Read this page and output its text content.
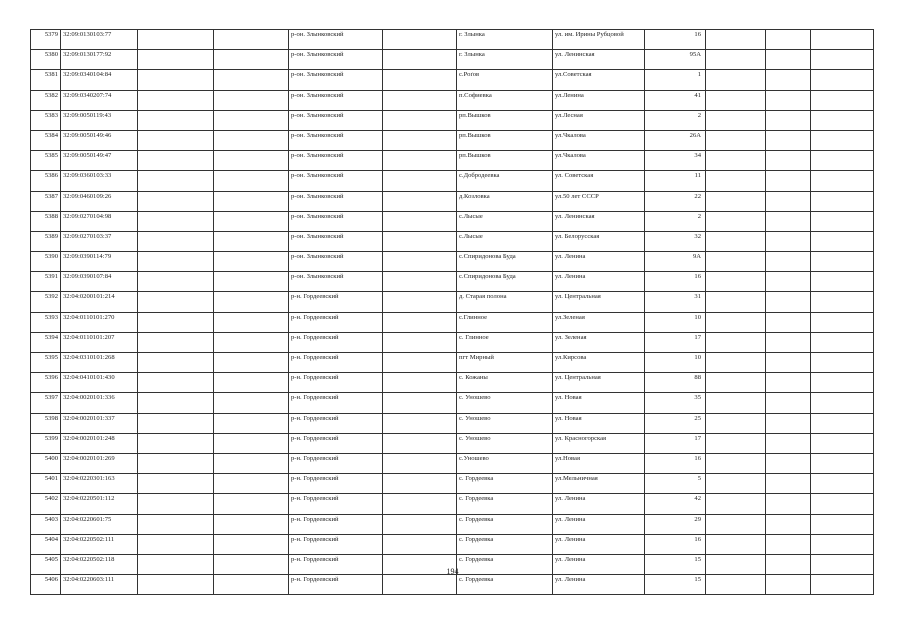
5379	32:09:0130103:77			р-он. Злынковский		г. Злынка	ул. им. Ирины Рубцовой	16			
5380	32:09:0130177:92			р-он. Злынковский		г. Злынка	ул. Ленинская	95А			
5381	32:09:0340104:84			р-он. Злынковский		с.Роґов	ул.Советская	1			
5382	32:09:0340207:74			р-он. Злынковский		п.Софиевка	ул.Ленина	41			
5383	32:09:0050119:43			р-он. Злынковский		рп.Вышков	ул.Лесная	2			
5384	32:09:0050149:46			р-он. Злынковский		рп.Вышков	ул.Чкалова	26А			
5385	32:09:0050149:47			р-он. Злынковский		рп.Вышков	ул.Чкалова	34			
5386	32:09:0360103:33			р-он. Злынковский		с.Добродеевка	ул. Советская	11			
5387	32:09:0460109:26			р-он. Злынковский		д.Козловка	ул.50 лет СССР	22			
5388	32:09:0270104:98			р-он. Злынковский		с.Лысые	ул. Ленинская	2			
5389	32:09:0270103:37			р-он. Злынковский		с.Лысые	ул. Белорусская	32			
5390	32:09:0390114:79			р-он. Злынковский		с.Спиридонова Буда	ул. Ленина	9А			
5391	32:09:0390107:84			р-он. Злынковский		с.Спиридонова Буда	ул. Ленина	16			
5392	32:04:0200101:214			р-н. Гордеевский		д. Старая полона	ул. Центральная	31			
5393	32:04:0110101:270			р-н. Гордеевский		с.Глинное	ул.Зеленая	10			
5394	32:04:0110101:207			р-н. Гордеевский		с. Глинное	ул. Зеленая	17			
5395	32:04:0310101:268			р-н. Гордеевский		пгт Мирный	ул.Кирсова	10			
5396	32:04:0410101:430			р-н. Гордеевский		с. Кожаны	ул. Центральная	88			
5397	32:04:0020101:336			р-н. Гордеевский		с. Уношево	ул. Новая	35			
5398	32:04:0020101:337			р-н. Гордеевский		с. Уношево	ул. Новая	25			
5399	32:04:0020101:248			р-н. Гордеевский		с. Уношево	ул. Красногорская	17			
5400	32:04:0020101:269			р-н. Гордеевский		с.Уношево	ул.Новая	16			
5401	32:04:0220301:163			р-н. Гордеевский		с. Гордеевка	ул.Мельничная	5			
5402	32:04:0220501:112			р-н. Гордеевский		с. Гордеевка	ул. Ленина	42			
5403	32:04:0220601:75			р-н. Гордеевский		с. Гордеевка	ул. Ленина	29			
5404	32:04:0220502:111			р-н. Гордеевский		с. Гордеевка	ул. Ленина	16			
5405	32:04:0220502:118			р-н. Гордеевский		с. Гордеевка	ул. Ленина	15			
5406	32:04:0220603:111			р-н. Гордеевский		с. Гордеевка	ул. Ленина	15			
194
